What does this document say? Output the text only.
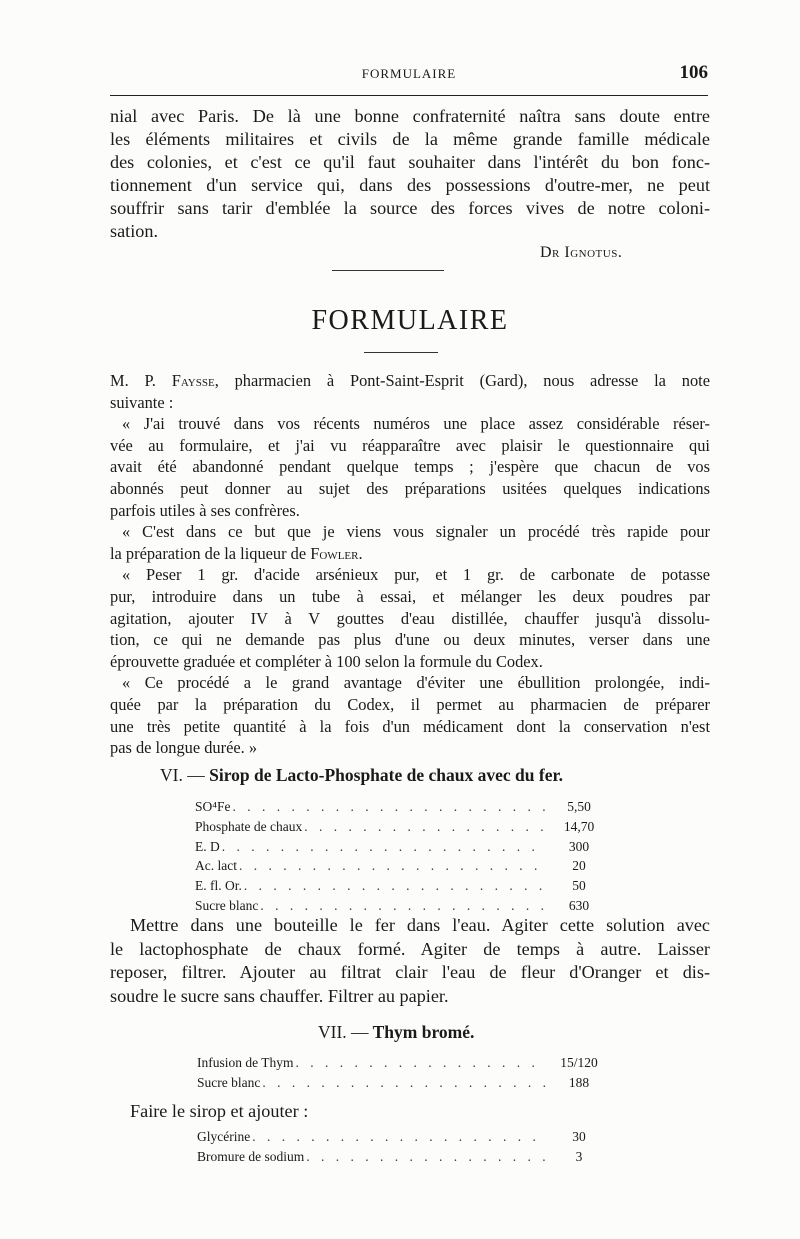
FORMULAIRE	106
nial avec Paris. De là une bonne confraternité naîtra sans doute entre
les éléments militaires et civils de la même grande famille médicale
des colonies, et c'est ce qu'il faut souhaiter dans l'intérêt du bon fonc-
tionnement d'un service qui, dans des possessions d'outre-mer, ne peut
souffrir sans tarir d'emblée la source des forces vives de notre coloni-
sation.
Dr Ignotus.
FORMULAIRE
M. P. Faysse, pharmacien à Pont-Saint-Esprit (Gard), nous adresse la note
suivante :
« J'ai trouvé dans vos récents numéros une place assez considérable réser-
vée au formulaire, et j'ai vu réapparaître avec plaisir le questionnaire qui
avait été abandonné pendant quelque temps ; j'espère que chacun de vos
abonnés peut donner au sujet des préparations usitées quelques indications
parfois utiles à ses confrères.
« C'est dans ce but que je viens vous signaler un procédé très rapide pour
la préparation de la liqueur de Fowler.
« Peser 1 gr. d'acide arsénieux pur, et 1 gr. de carbonate de potasse
pur, introduire dans un tube à essai, et mélanger les deux poudres par
agitation, ajouter IV à V gouttes d'eau distillée, chauffer jusqu'à dissolu-
tion, ce qui ne demande pas plus d'une ou deux minutes, verser dans une
éprouvette graduée et compléter à 100 selon la formule du Codex.
« Ce procédé a le grand avantage d'éviter une ébullition prolongée, indi-
quée par la préparation du Codex, il permet au pharmacien de préparer
une très petite quantité à la fois d'un médicament dont la conservation n'est
pas de longue durée. »
VI. — Sirop de Lacto-Phosphate de chaux avec du fer.
SO⁴Fe . . .	5,50
Phosphate de chaux . . .	14,70
E. D . . .	300
Ac. lact . . .	20
E. fl. Or. . . .	50
Sucre blanc . . .	630
Mettre dans une bouteille le fer dans l'eau. Agiter cette solution avec
le lactophosphate de chaux formé. Agiter de temps à autre. Laisser
reposer, filtrer. Ajouter au filtrat clair l'eau de fleur d'Oranger et dis-
soudre le sucre sans chauffer. Filtrer au papier.
VII. — Thym bromé.
Infusion de Thym . . .	15/120
Sucre blanc . . .	188
Faire le sirop et ajouter :
Glycérine . . .	30
Bromure de sodium . . .	3
